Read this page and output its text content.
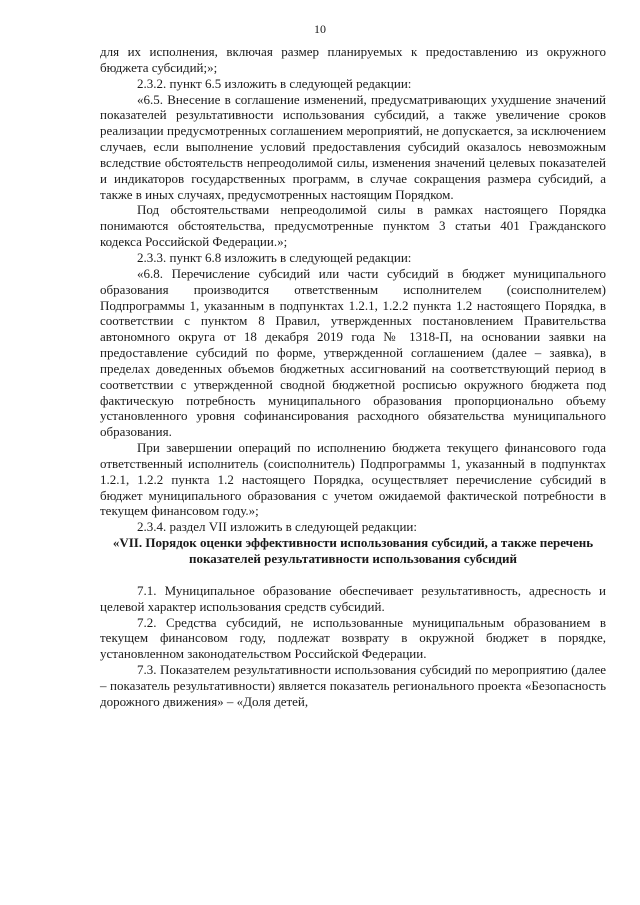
10

для их исполнения, включая размер планируемых к предоставлению из окружного бюджета субсидий;»;

2.3.2. пункт 6.5 изложить в следующей редакции:

«6.5. Внесение в соглашение изменений, предусматривающих ухудшение значений показателей результативности использования субсидий, а также увеличение сроков реализации предусмотренных соглашением мероприятий, не допускается, за исключением случаев, если выполнение условий предоставления субсидий оказалось невозможным вследствие обстоятельств непреодолимой силы, изменения значений целевых показателей и индикаторов государственных программ, в случае сокращения размера субсидий, а также в иных случаях, предусмотренных настоящим Порядком.

Под обстоятельствами непреодолимой силы в рамках настоящего Порядка понимаются обстоятельства, предусмотренные пунктом 3 статьи 401 Гражданского кодекса Российской Федерации.»;

2.3.3. пункт 6.8 изложить в следующей редакции:

«6.8. Перечисление субсидий или части субсидий в бюджет муниципального образования производится ответственным исполнителем (соисполнителем) Подпрограммы 1, указанным в подпунктах 1.2.1, 1.2.2 пункта 1.2 настоящего Порядка, в соответствии с пунктом 8 Правил, утвержденных постановлением Правительства автономного округа от 18 декабря 2019 года № 1318-П, на основании заявки на предоставление субсидий по форме, утвержденной соглашением (далее – заявка), в пределах доведенных объемов бюджетных ассигнований на соответствующий период в соответствии с утвержденной сводной бюджетной росписью окружного бюджета под фактическую потребность муниципального образования пропорционально объему установленного уровня софинансирования расходного обязательства муниципального образования.

При завершении операций по исполнению бюджета текущего финансового года ответственный исполнитель (соисполнитель) Подпрограммы 1, указанный в подпунктах 1.2.1, 1.2.2 пункта 1.2 настоящего Порядка, осуществляет перечисление субсидий в бюджет муниципального образования с учетом ожидаемой фактической потребности в текущем финансовом году.»;

2.3.4. раздел VII изложить в следующей редакции:

«VII. Порядок оценки эффективности использования субсидий, а также перечень показателей результативности использования субсидий

7.1. Муниципальное образование обеспечивает результативность, адресность и целевой характер использования средств субсидий.

7.2. Средства субсидий, не использованные муниципальным образованием в текущем финансовом году, подлежат возврату в окружной бюджет в порядке, установленном законодательством Российской Федерации.

7.3. Показателем результативности использования субсидий по мероприятию (далее – показатель результативности) является показатель регионального проекта «Безопасность дорожного движения» – «Доля детей,
